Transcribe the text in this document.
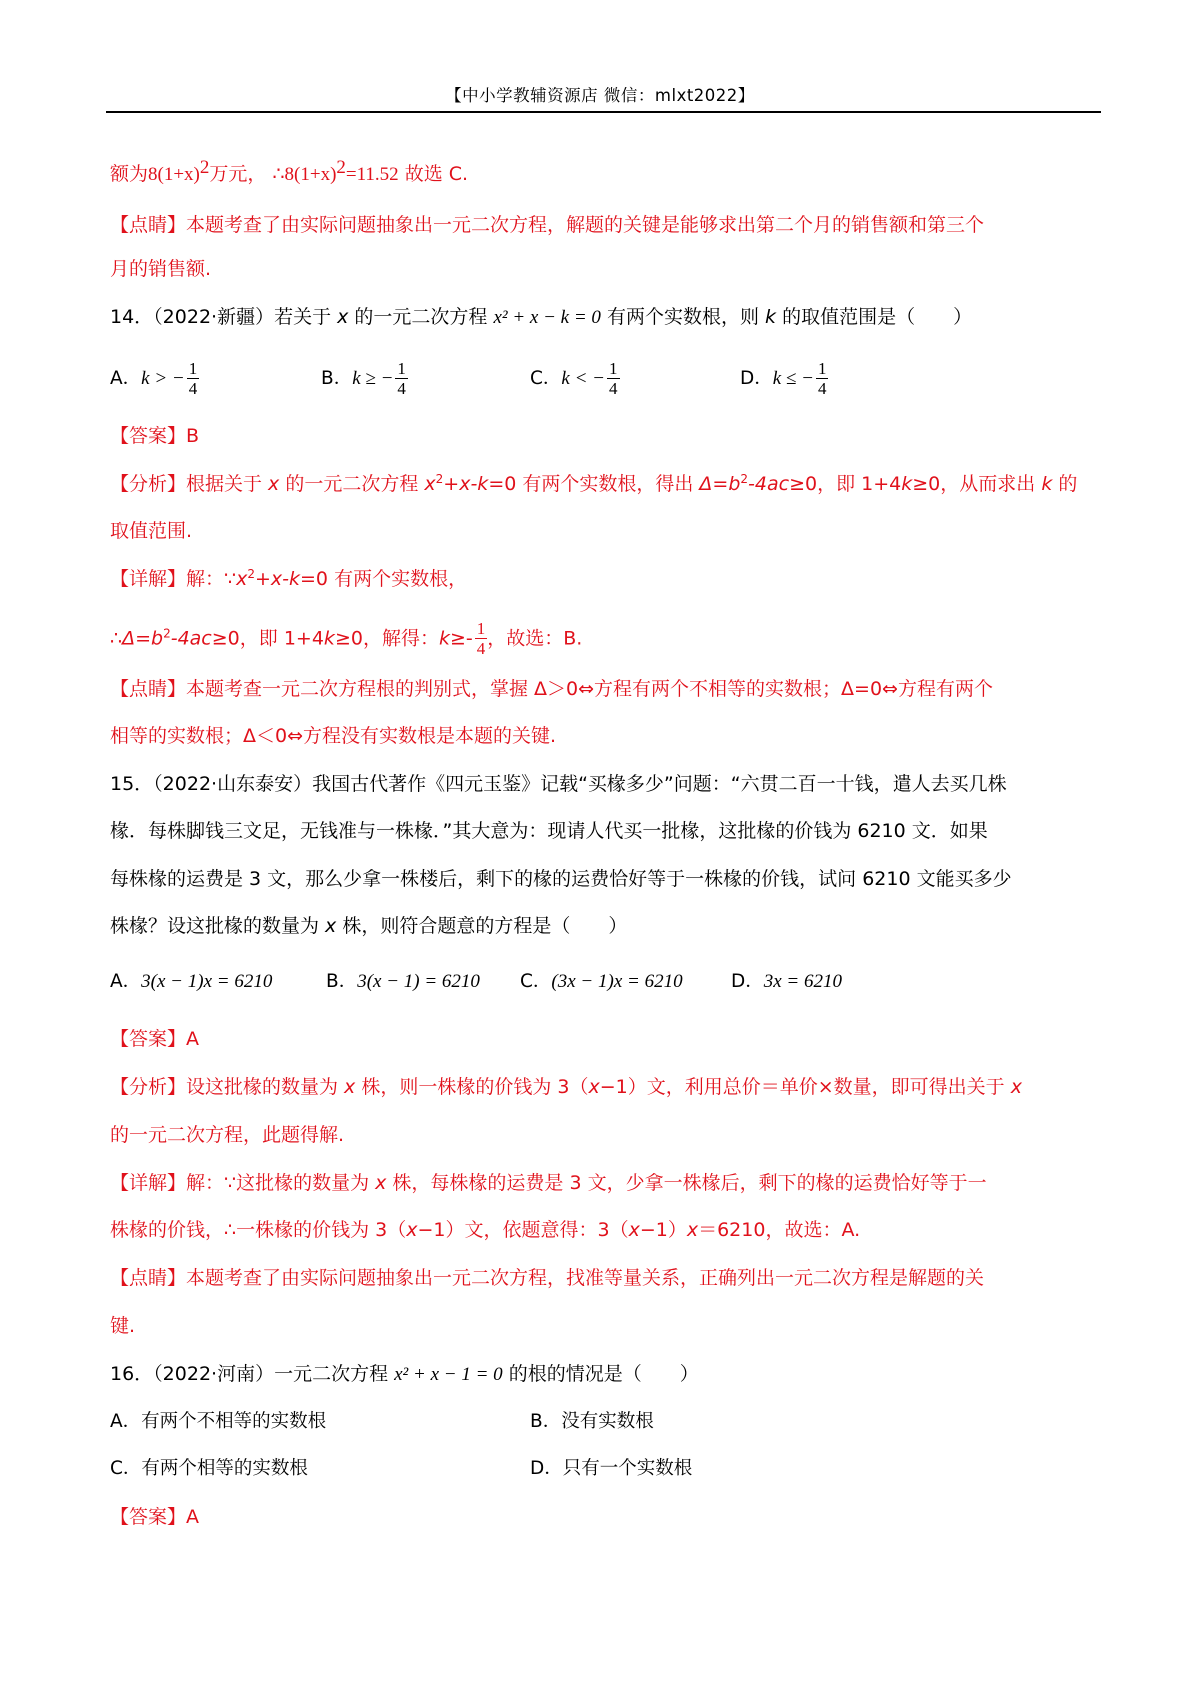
【中小学教辅资源店 微信：mlxt2022】
额为$8(1+x)^2$万元， $\therefore 8(1+x)^2=11.52$ 故选 C.
【点睛】本题考查了由实际问题抽象出一元二次方程，解题的关键是能够求出第二个月的销售额和第三个
月的销售额.
14．（2022·新疆）若关于 x 的一元二次方程 x² + x − k = 0 有两个实数根，则 k 的取值范围是（　　）
A．k > − $\frac{1}{4}$	B．k ≥ − $\frac{1}{4}$	C．k < − $\frac{1}{4}$	D．k ≤ − $\frac{1}{4}$
【答案】B
【分析】根据关于 x 的一元二次方程 $x^2+x-k=0$ 有两个实数根，得出 $\Delta=b^2-4ac\ge 0$，即 1+4k≥0，从而求出 k 的
取值范围.
【详解】解：$\because x^2+x-k=0$ 有两个实数根，
$\therefore\Delta=b^2-4ac\ge 0$，即 1+4k≥0，解得：$k\ge- \frac{1}{4}$ ，故选：B.
【点睛】本题考查一元二次方程根的判别式，掌握 Δ＞0⇔方程有两个不相等的实数根；Δ=0⇔方程有两个
相等的实数根；Δ＜0⇔方程没有实数根是本题的关键.
15．（2022·山东泰安）我国古代著作《四元玉鉴》记载“买椽多少”问题：“六贯二百一十钱，遣人去买几株
椽．每株脚钱三文足，无钱准与一株椽．”其大意为：现请人代买一批椽，这批椽的价钱为 6210 文．如果
每株椽的运费是 3 文，那么少拿一株楼后，剩下的椽的运费恰好等于一株椽的价钱，试问 6210 文能买多少
株椽？设这批椽的数量为 x 株，则符合题意的方程是（　　）
A．3(x − 1)x = 6210	B．3(x − 1) = 6210 C．(3x − 1)x = 6210	D．3x = 6210
【答案】A
【分析】设这批椽的数量为 x 株，则一株椽的价钱为 3（x−1）文，利用总价＝单价×数量，即可得出关于 x
的一元二次方程，此题得解.
【详解】解：∵这批椽的数量为 x 株，每株椽的运费是 3 文，少拿一株椽后，剩下的椽的运费恰好等于一
株椽的价钱，∴一株椽的价钱为 3（x−1）文，依题意得：3（x−1）x＝6210，故选：A.
【点睛】本题考查了由实际问题抽象出一元二次方程，找准等量关系，正确列出一元二次方程是解题的关
键.
16．（2022·河南）一元二次方程 x² + x − 1 = 0 的根的情况是（　　）
A．有两个不相等的实数根	B．没有实数根
C．有两个相等的实数根	D．只有一个实数根
【答案】A
